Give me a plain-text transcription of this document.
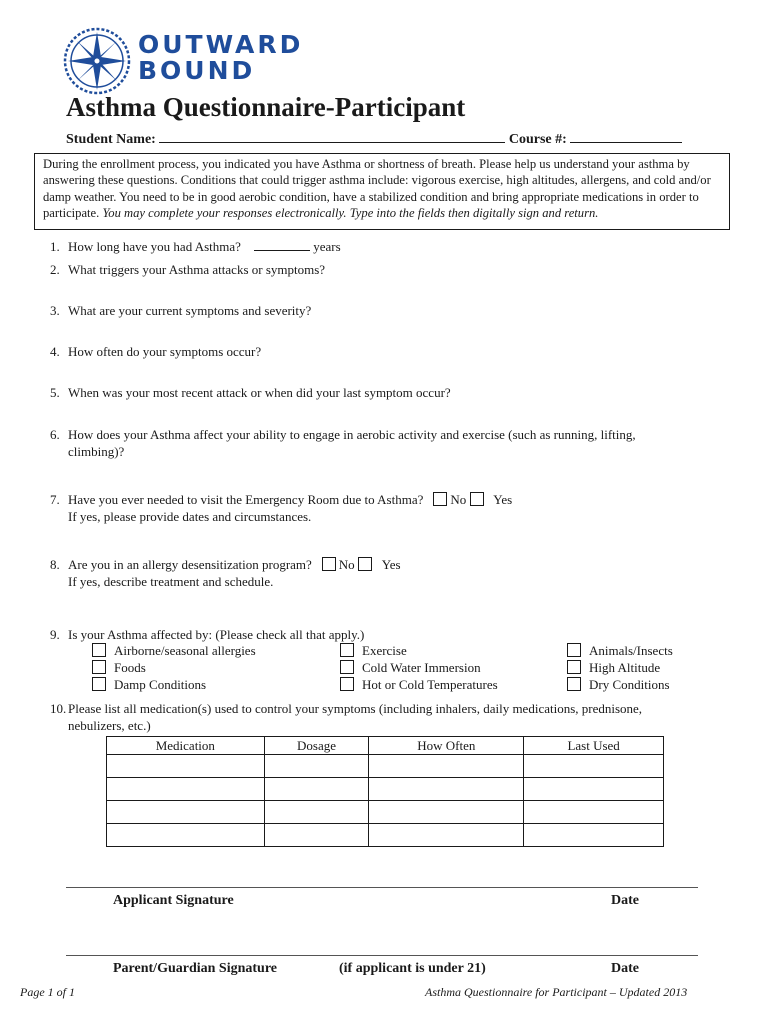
OUTWARD
BOUND
Asthma Questionnaire-Participant
Student Name:	Course #:
During the enrollment process, you indicated you have Asthma or shortness of breath. Please help us understand your asthma by answering these questions. Conditions that could trigger asthma include: vigorous exercise, high altitudes, allergens, and cold and/or damp weather. You need to be in good aerobic condition, have a stabilized condition and bring appropriate medications in order to participate. You may complete your responses electronically. Type into the fields then digitally sign and return.
1. How long have you had Asthma?	years
2. What triggers your Asthma attacks or symptoms?
3. What are your current symptoms and severity?
4. How often do your symptoms occur?
5. When was your most recent attack or when did your last symptom occur?
6. How does your Asthma affect your ability to engage in aerobic activity and exercise (such as running, lifting, climbing)?
7. Have you ever needed to visit the Emergency Room due to Asthma? No Yes
If yes, please provide dates and circumstances.
8. Are you in an allergy desensitization program? No Yes
If yes, describe treatment and schedule.
9. Is your Asthma affected by: (Please check all that apply.)
Airborne/seasonal allergies
Foods
Damp Conditions
Exercise
Cold Water Immersion
Hot or Cold Temperatures
Animals/Insects
High Altitude
Dry Conditions
10. Please list all medication(s) used to control your symptoms (including inhalers, daily medications, prednisone, nebulizers, etc.)
Medication	Dosage	How Often	Last Used

Applicant Signature	Date
Parent/Guardian Signature	(if applicant is under 21)	Date
Page 1 of 1	Asthma Questionnaire for Participant – Updated 2013
